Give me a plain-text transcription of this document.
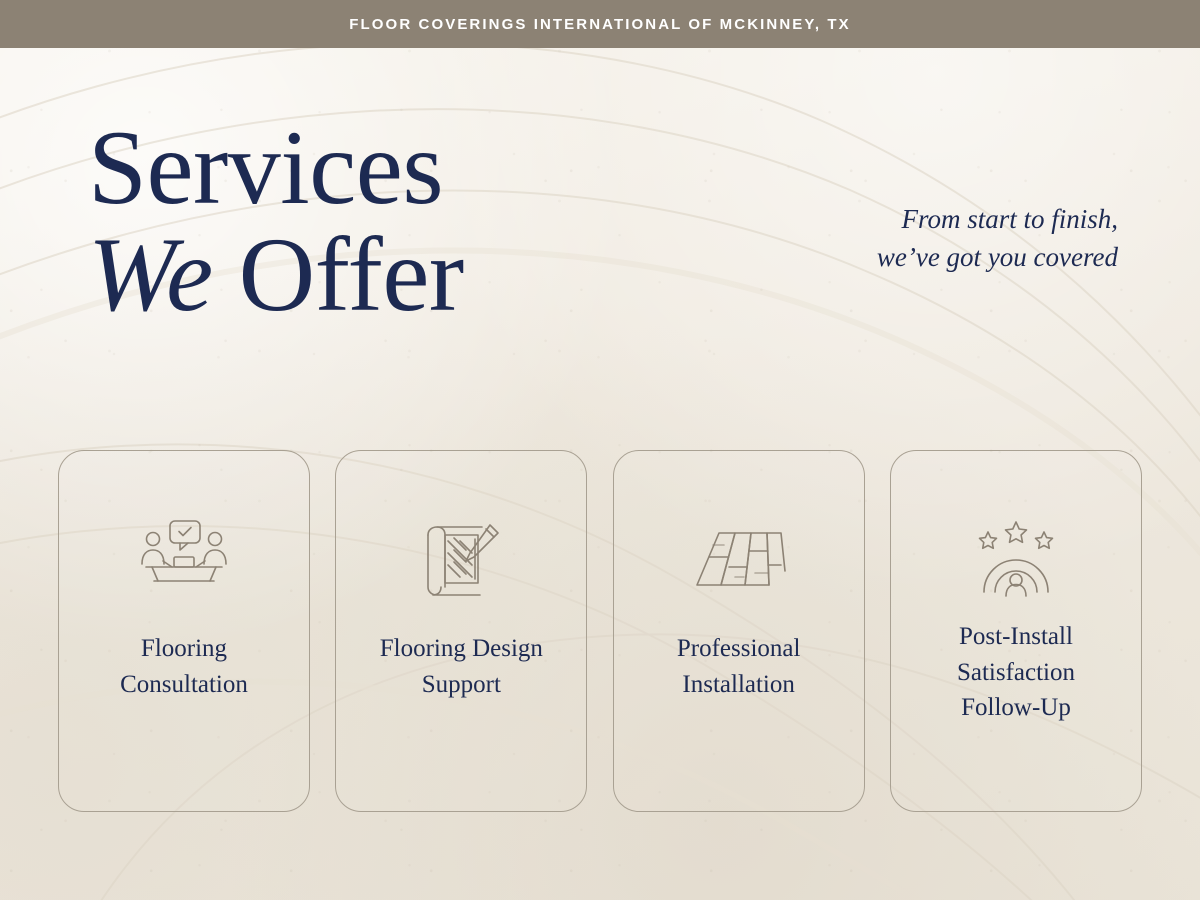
FLOOR COVERINGS INTERNATIONAL OF MCKINNEY, TX
Services
We Offer	From start to finish,
we’ve got you covered
Flooring
Consultation
Flooring Design
Support
Professional
Installation
Post-Install
Satisfaction
Follow-Up
